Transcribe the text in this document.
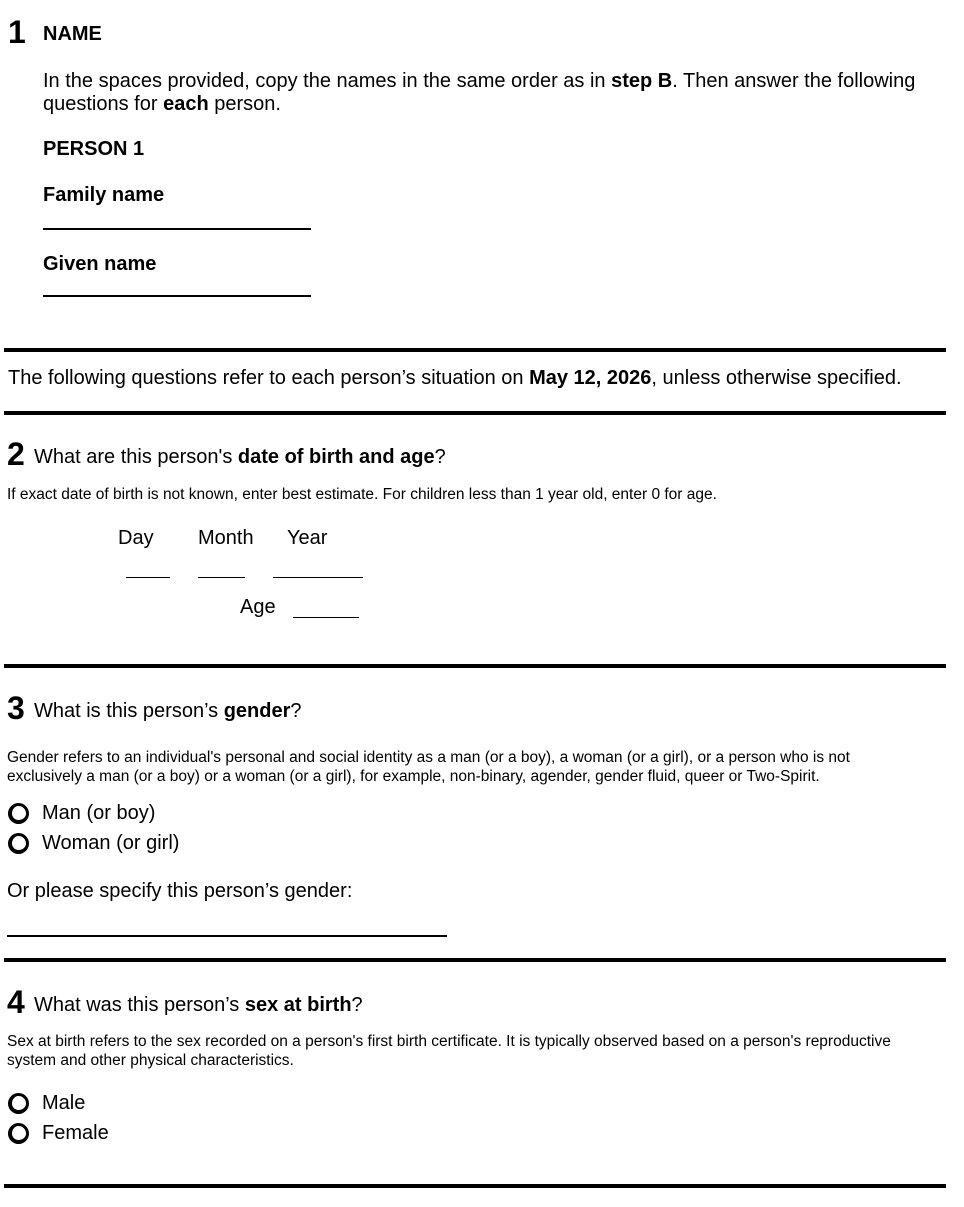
1 NAME
In the spaces provided, copy the names in the same order as in step B. Then answer the following questions for each person.
PERSON 1
Family name
Given name
The following questions refer to each person’s situation on May 12, 2026, unless otherwise specified.
2 What are this person's date of birth and age?
If exact date of birth is not known, enter best estimate. For children less than 1 year old, enter 0 for age.
Day Month Year
Age
3 What is this person’s gender?
Gender refers to an individual's personal and social identity as a man (or a boy), a woman (or a girl), or a person who is not exclusively a man (or a boy) or a woman (or a girl), for example, non-binary, agender, gender fluid, queer or Two-Spirit.
Man (or boy)
Woman (or girl)
Or please specify this person’s gender:
4 What was this person’s sex at birth?
Sex at birth refers to the sex recorded on a person's first birth certificate. It is typically observed based on a person's reproductive system and other physical characteristics.
Male
Female
